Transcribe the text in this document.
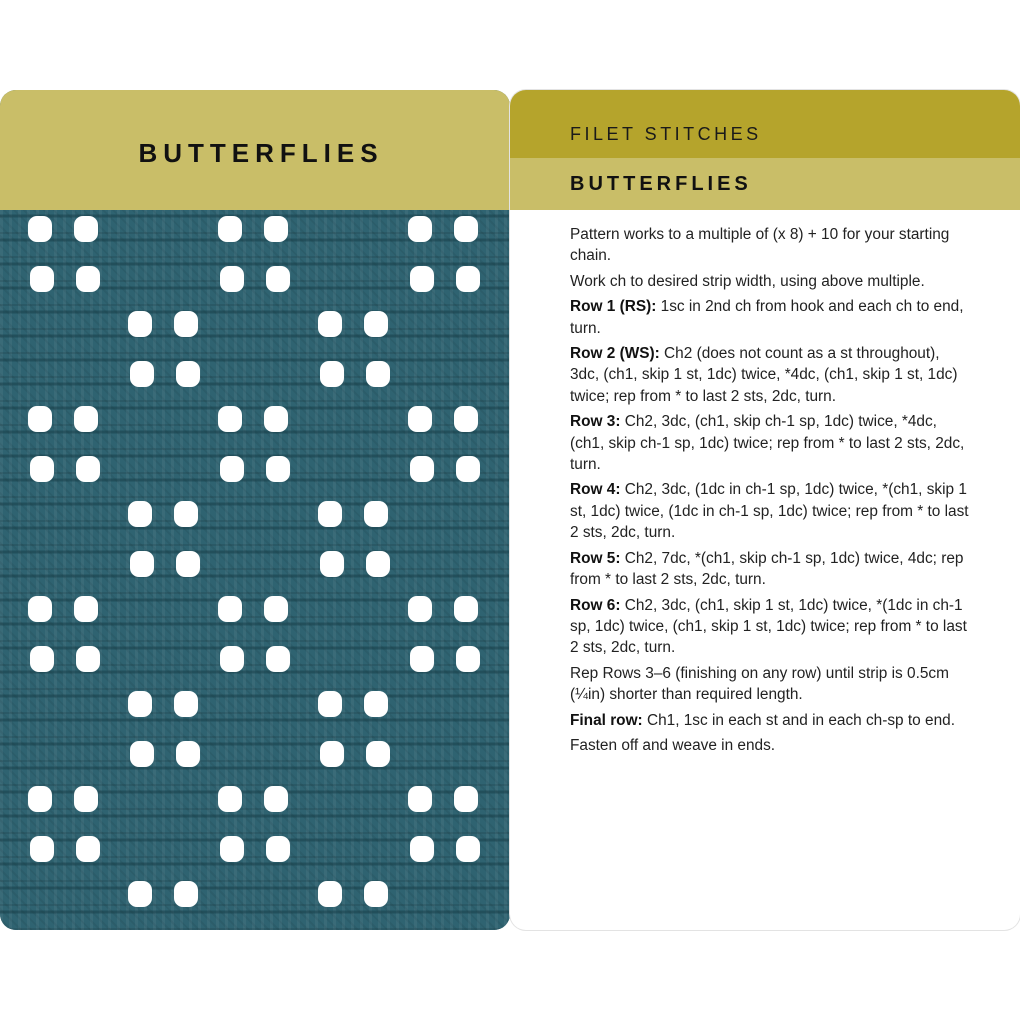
BUTTERFLIES
FILET STITCHES
BUTTERFLIES

Pattern works to a multiple of (x 8) + 10 for your starting chain.

Work ch to desired strip width, using above multiple.

Row 1 (RS): 1sc in 2nd ch from hook and each ch to end, turn.

Row 2 (WS): Ch2 (does not count as a st throughout), 3dc, (ch1, skip 1 st, 1dc) twice, *4dc, (ch1, skip 1 st, 1dc) twice; rep from * to last 2 sts, 2dc, turn.

Row 3: Ch2, 3dc, (ch1, skip ch-1 sp, 1dc) twice, *4dc, (ch1, skip ch-1 sp, 1dc) twice; rep from * to last 2 sts, 2dc, turn.

Row 4: Ch2, 3dc, (1dc in ch-1 sp, 1dc) twice, *(ch1, skip 1 st, 1dc) twice, (1dc in ch-1 sp, 1dc) twice; rep from * to last 2 sts, 2dc, turn.

Row 5: Ch2, 7dc, *(ch1, skip ch-1 sp, 1dc) twice, 4dc; rep from * to last 2 sts, 2dc, turn.

Row 6: Ch2, 3dc, (ch1, skip 1 st, 1dc) twice, *(1dc in ch-1 sp, 1dc) twice, (ch1, skip 1 st, 1dc) twice; rep from * to last 2 sts, 2dc, turn.

Rep Rows 3–6 (finishing on any row) until strip is 0.5cm (¼in) shorter than required length.

Final row: Ch1, 1sc in each st and in each ch-sp to end.

Fasten off and weave in ends.
